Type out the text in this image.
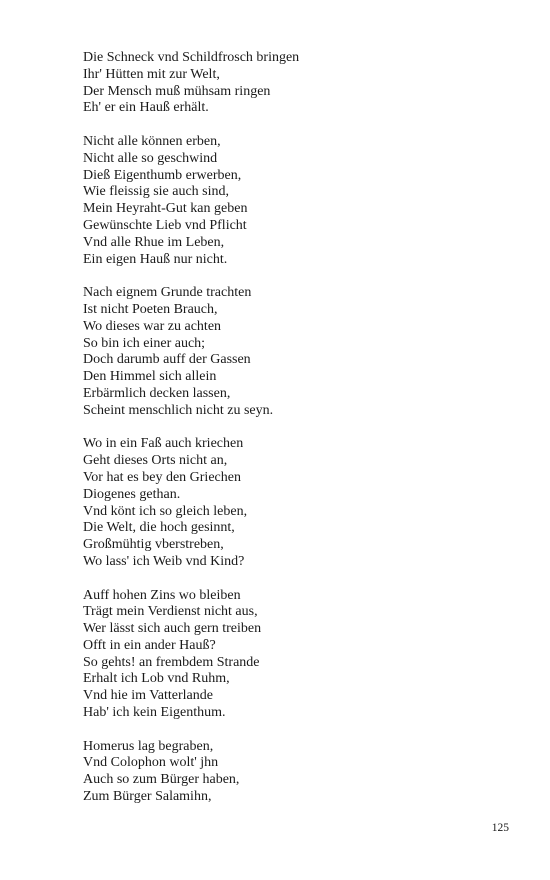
Die Schneck vnd Schildfrosch bringen
Ihr' Hütten mit zur Welt,
Der Mensch muß mühsam ringen
Eh' er ein Hauß erhält.
Nicht alle können erben,
Nicht alle so geschwind
Dieß Eigenthumb erwerben,
Wie fleissig sie auch sind,
Mein Heyraht-Gut kan geben
Gewünschte Lieb vnd Pflicht
Vnd alle Rhue im Leben,
Ein eigen Hauß nur nicht.
Nach eignem Grunde trachten
Ist nicht Poeten Brauch,
Wo dieses war zu achten
So bin ich einer auch;
Doch darumb auff der Gassen
Den Himmel sich allein
Erbärmlich decken lassen,
Scheint menschlich nicht zu seyn.
Wo in ein Faß auch kriechen
Geht dieses Orts nicht an,
Vor hat es bey den Griechen
Diogenes gethan.
Vnd könt ich so gleich leben,
Die Welt, die hoch gesinnt,
Großmühtig vberstreben,
Wo lass' ich Weib vnd Kind?
Auff hohen Zins wo bleiben
Trägt mein Verdienst nicht aus,
Wer lässt sich auch gern treiben
Offt in ein ander Hauß?
So gehts! an frembdem Strande
Erhalt ich Lob vnd Ruhm,
Vnd hie im Vatterlande
Hab' ich kein Eigenthum.
Homerus lag begraben,
Vnd Colophon wolt' jhn
Auch so zum Bürger haben,
Zum Bürger Salamihn,
125
